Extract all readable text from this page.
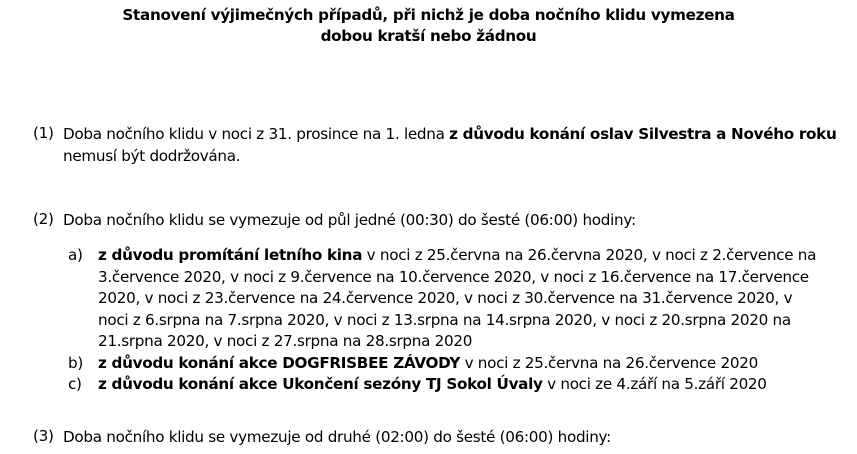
Stanovení výjimečných případů, při nichž je doba nočního klidu vymezena
dobou kratší nebo žádnou
(1) Doba nočního klidu v noci z 31. prosince na 1. ledna z důvodu konání oslav Silvestra a Nového roku nemusí být dodržována.
(2) Doba nočního klidu se vymezuje od půl jedné (00:30) do šesté (06:00) hodiny:
a) z důvodu promítání letního kina v noci z 25.června na 26.června 2020, v noci z 2.července na 3.července 2020, v noci z 9.července na 10.července 2020, v noci z 16.července na 17.července 2020, v noci z 23.července na 24.července 2020, v noci z 30.července na 31.července 2020, v noci z 6.srpna na 7.srpna 2020, v noci z 13.srpna na 14.srpna 2020, v noci z 20.srpna 2020 na 21.srpna 2020, v noci z 27.srpna na 28.srpna 2020
b) z důvodu konání akce DOGFRISBEE ZÁVODY v noci z 25.června na 26.července 2020
c) z důvodu konání akce Ukončení sezóny TJ Sokol Úvaly v noci ze 4.září na 5.září 2020
(3) Doba nočního klidu se vymezuje od druhé (02:00) do šesté (06:00) hodiny:
